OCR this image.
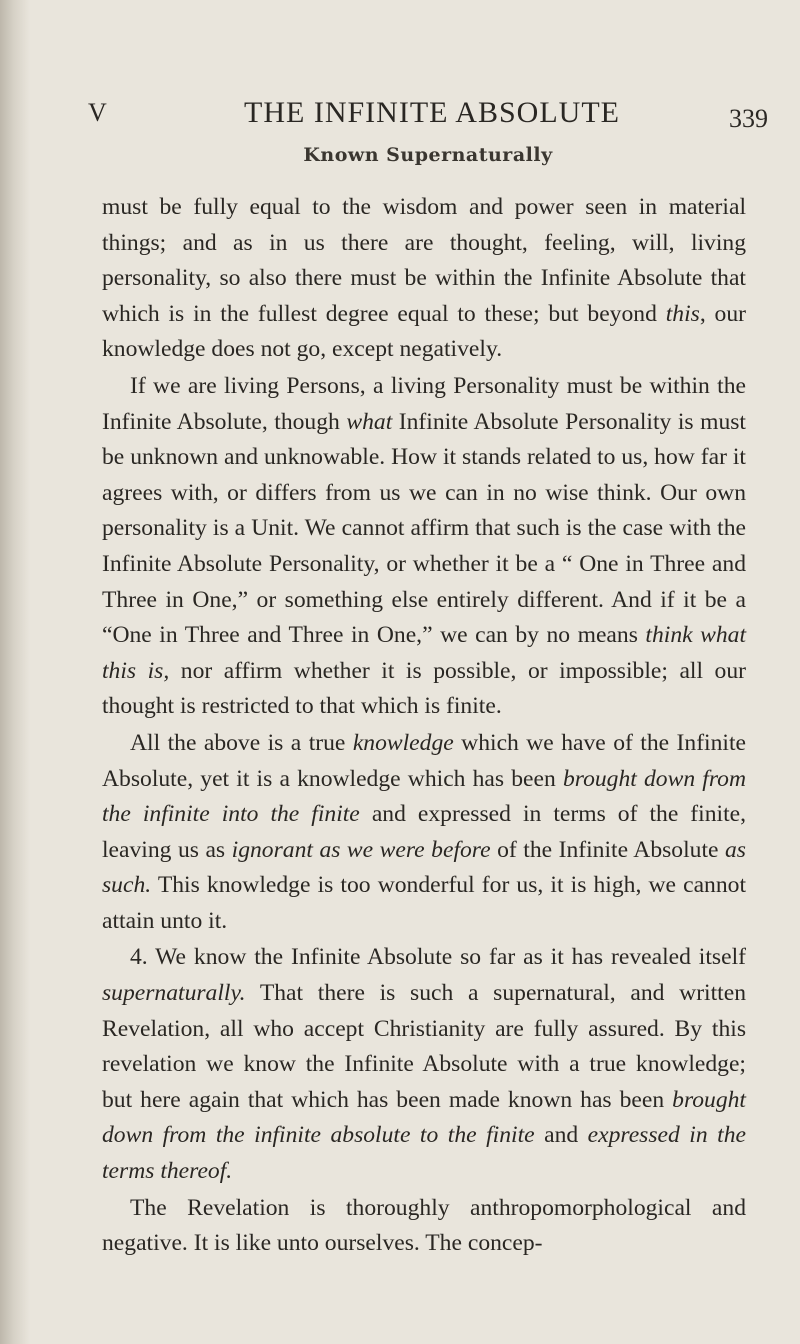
V	THE INFINITE ABSOLUTE	339
Known Supernaturally

must be fully equal to the wisdom and power seen in material things; and as in us there are thought, feeling, will, living personality, so also there must be within the Infinite Absolute that which is in the fullest degree equal to these; but beyond this, our knowledge does not go, except negatively.

If we are living Persons, a living Personality must be within the Infinite Absolute, though what Infinite Absolute Personality is must be unknown and unknowable. How it stands related to us, how far it agrees with, or differs from us we can in no wise think. Our own personality is a Unit. We cannot affirm that such is the case with the Infinite Absolute Personality, or whether it be a “ One in Three and Three in One,” or something else entirely different. And if it be a “One in Three and Three in One,” we can by no means think what this is, nor affirm whether it is possible, or impossible; all our thought is restricted to that which is finite.

All the above is a true knowledge which we have of the Infinite Absolute, yet it is a knowledge which has been brought down from the infinite into the finite and expressed in terms of the finite, leaving us as ignorant as we were before of the Infinite Absolute as such. This knowledge is too wonderful for us, it is high, we cannot attain unto it.

4. We know the Infinite Absolute so far as it has revealed itself supernaturally. That there is such a supernatural, and written Revelation, all who accept Christianity are fully assured. By this revelation we know the Infinite Absolute with a true knowledge; but here again that which has been made known has been brought down from the infinite absolute to the finite and expressed in the terms thereof.

The Revelation is thoroughly anthropomorphological and negative. It is like unto ourselves. The concep-
